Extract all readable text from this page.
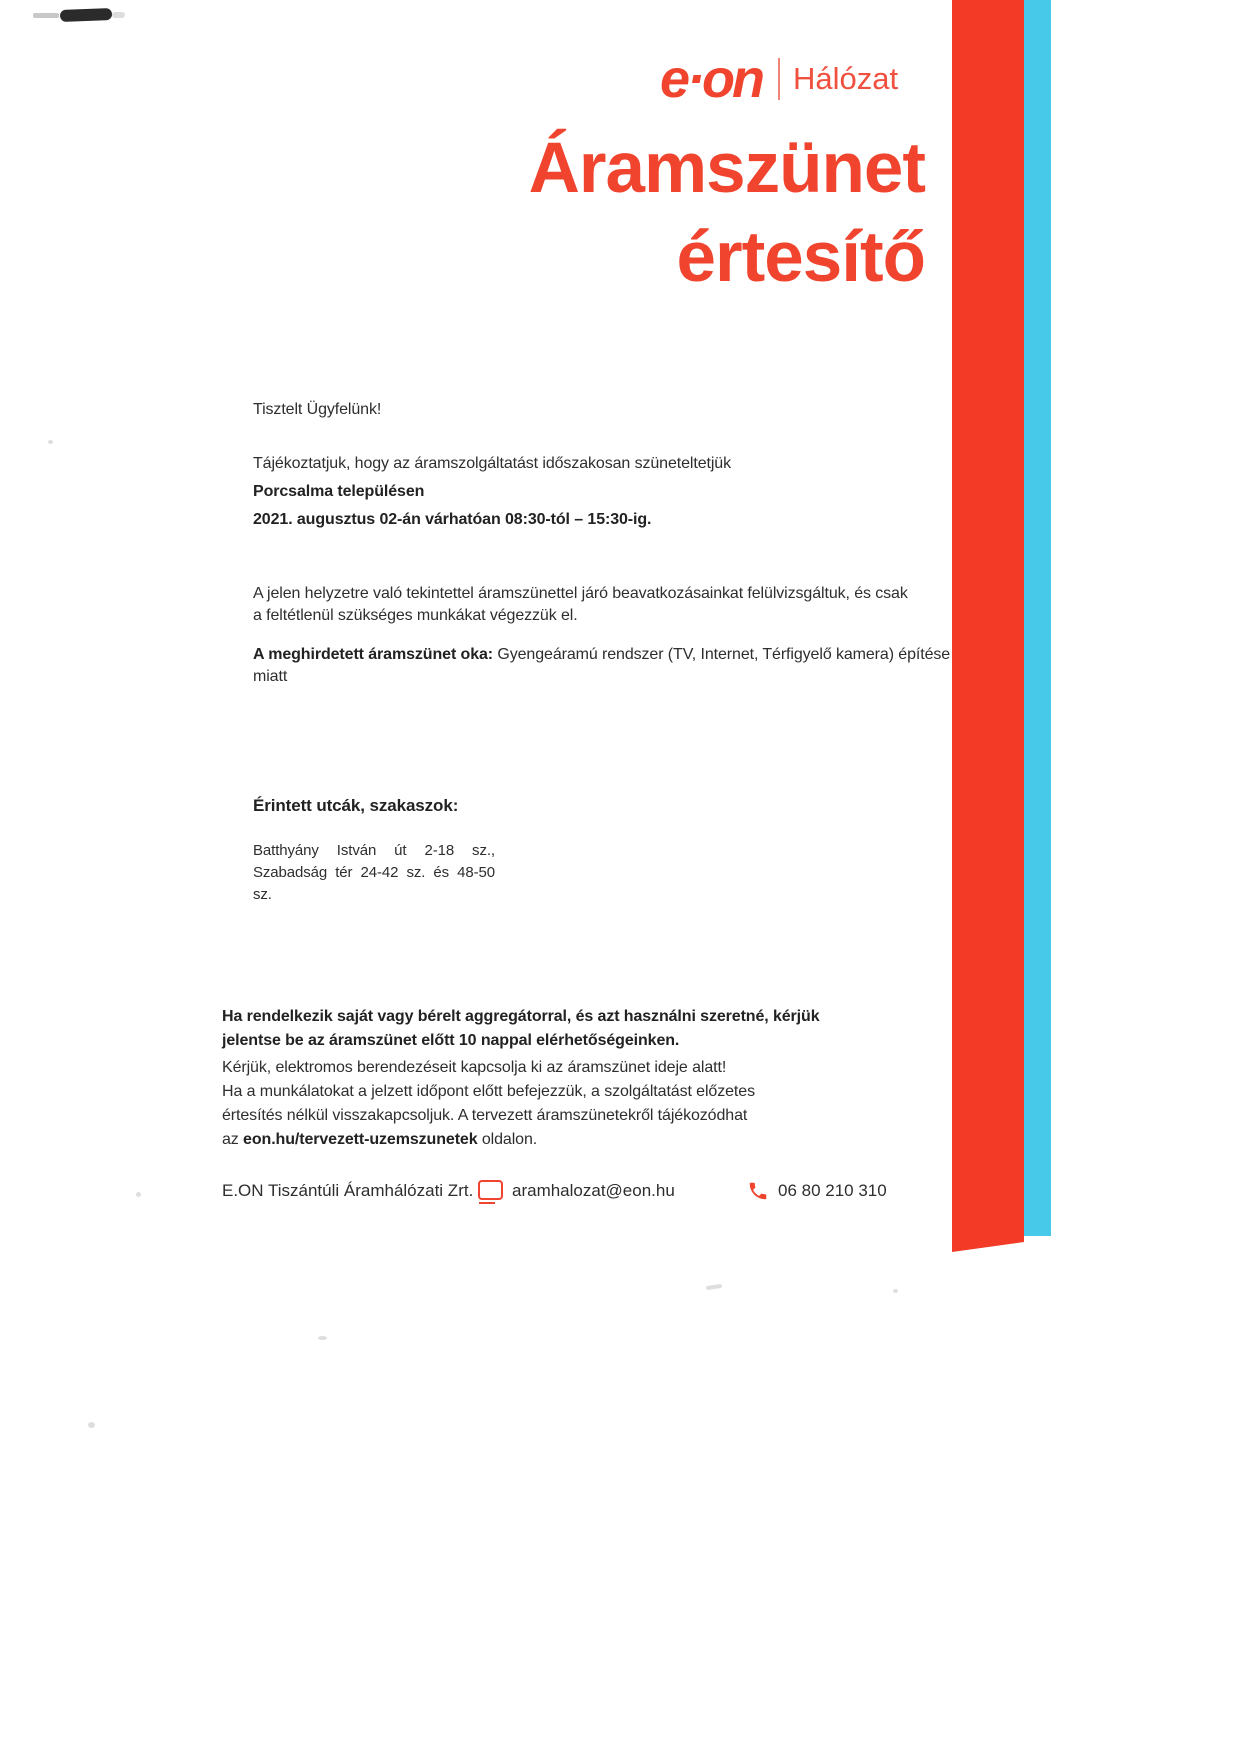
e·on Hálózat
Áramszünet
értesítő
Tisztelt Ügyfelünk!
Tájékoztatjuk, hogy az áramszolgáltatást időszakosan szüneteltetjük
Porcsalma településen
2021. augusztus 02-án várhatóan 08:30-tól – 15:30-ig.
A jelen helyzetre való tekintettel áramszünettel járó beavatkozásainkat felülvizsgáltuk, és csak
a feltétlenül szükséges munkákat végezzük el.
A meghirdetett áramszünet oka: Gyengeáramú rendszer (TV, Internet, Térfigyelő kamera) építése
miatt
Érintett utcák, szakaszok:
Batthyány István út 2-18 sz., Szabadság tér 24-42 sz. és 48-50 sz.
Ha rendelkezik saját vagy bérelt aggregátorral, és azt használni szeretné, kérjük
jelentse be az áramszünet előtt 10 nappal elérhetőségeinken.
Kérjük, elektromos berendezéseit kapcsolja ki az áramszünet ideje alatt!
Ha a munkálatokat a jelzett időpont előtt befejezzük, a szolgáltatást előzetes
értesítés nélkül visszakapcsoljuk. A tervezett áramszünetekről tájékozódhat
az eon.hu/tervezett-uzemszunetek oldalon.
E.ON Tiszántúli Áramhálózati Zrt. aramhalozat@eon.hu	06 80 210 310
